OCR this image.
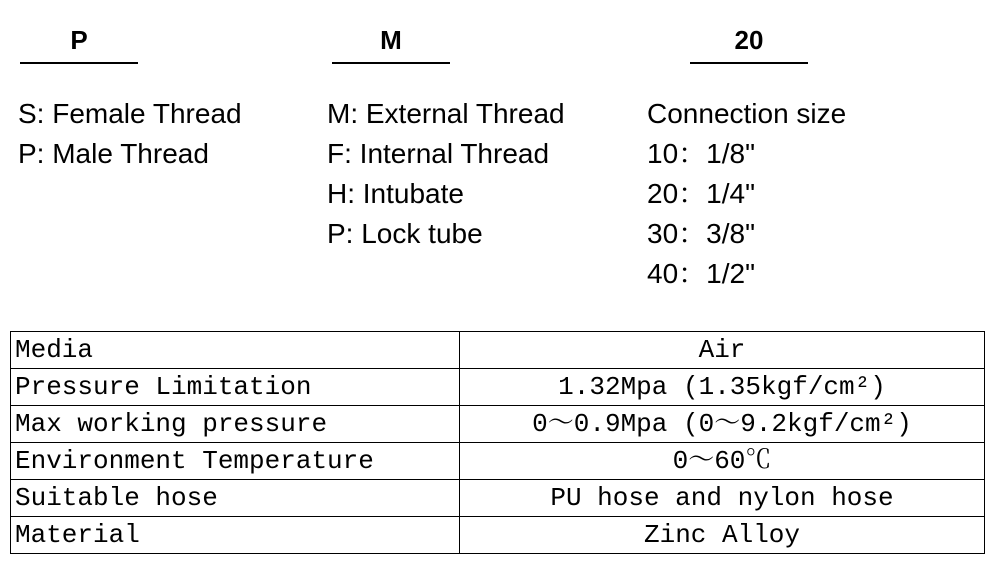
P	M	20
S: Female Thread
P: Male Thread
M: External Thread
F: Internal Thread
H: Intubate
P: Lock tube
Connection size
10：1/8"
20：1/4"
30：3/8"
40：1/2"
Media	Air
Pressure Limitation	1.32Mpa (1.35kgf/cm²)
Max working pressure	0～0.9Mpa (0～9.2kgf/cm²)
Environment Temperature	0～60℃
Suitable hose	PU hose and nylon hose
Material	Zinc Alloy
